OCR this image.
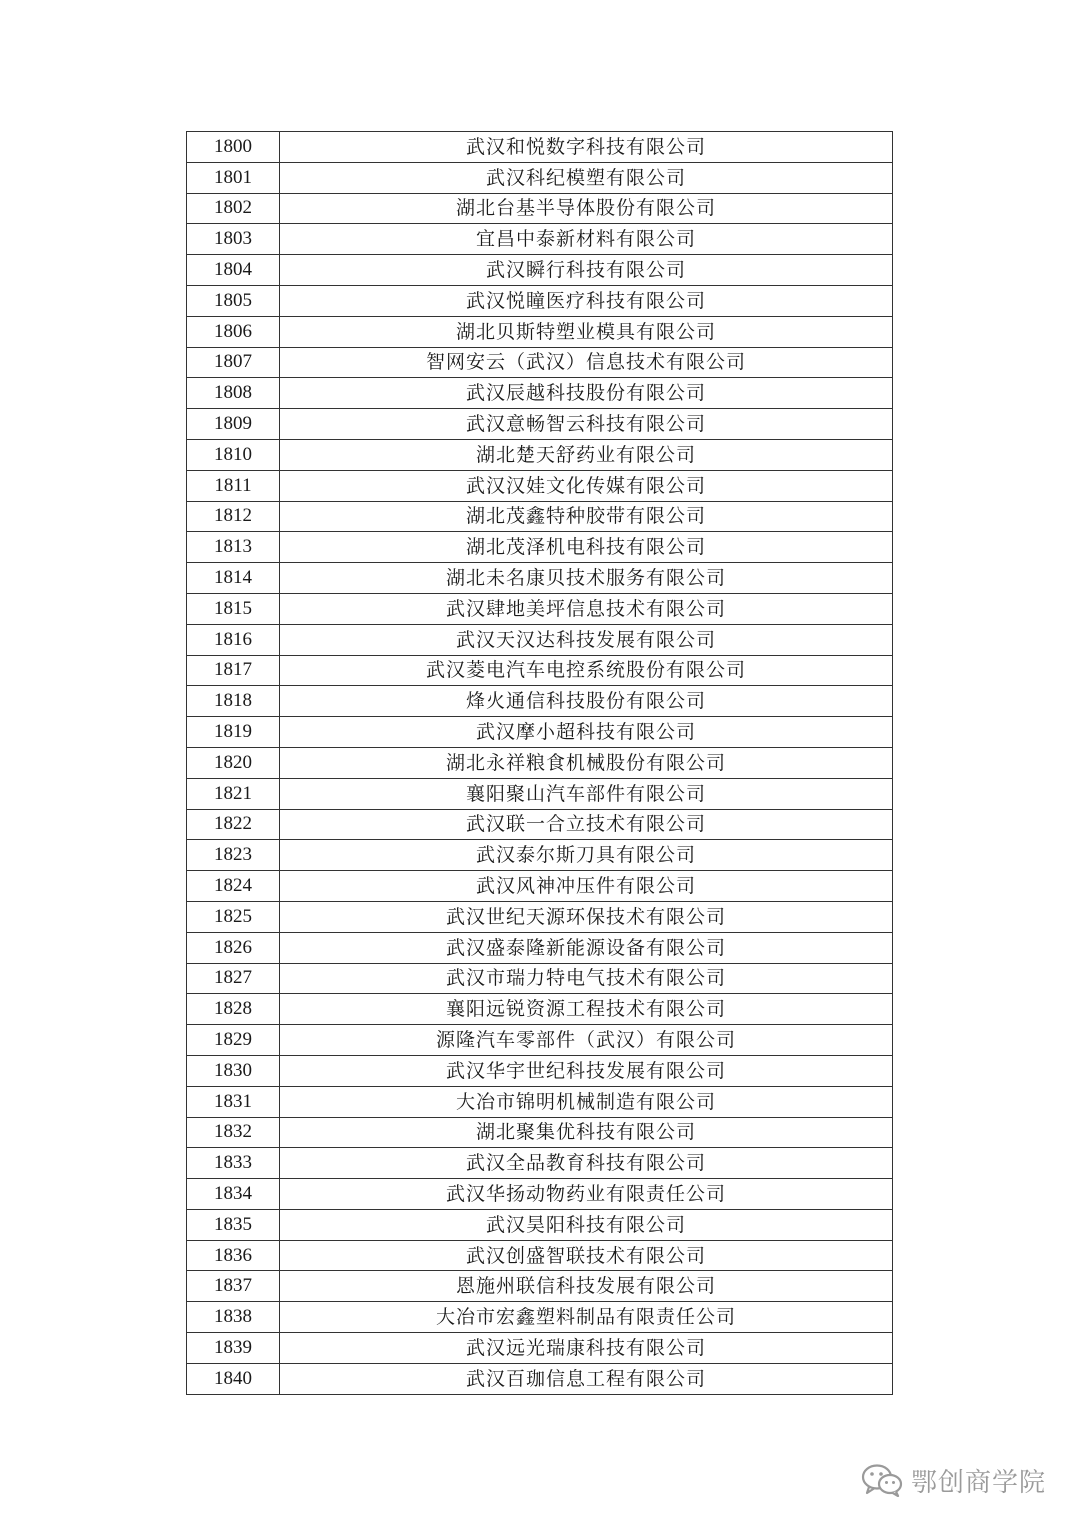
1800	武汉和悦数字科技有限公司
1801	武汉科纪模塑有限公司
1802	湖北台基半导体股份有限公司
1803	宜昌中泰新材料有限公司
1804	武汉瞬行科技有限公司
1805	武汉悦瞳医疗科技有限公司
1806	湖北贝斯特塑业模具有限公司
1807	智网安云（武汉）信息技术有限公司
1808	武汉辰越科技股份有限公司
1809	武汉意畅智云科技有限公司
1810	湖北楚天舒药业有限公司
1811	武汉汉娃文化传媒有限公司
1812	湖北茂鑫特种胶带有限公司
1813	湖北茂泽机电科技有限公司
1814	湖北未名康贝技术服务有限公司
1815	武汉肆地美坪信息技术有限公司
1816	武汉天汉达科技发展有限公司
1817	武汉菱电汽车电控系统股份有限公司
1818	烽火通信科技股份有限公司
1819	武汉摩小超科技有限公司
1820	湖北永祥粮食机械股份有限公司
1821	襄阳聚山汽车部件有限公司
1822	武汉联一合立技术有限公司
1823	武汉泰尔斯刀具有限公司
1824	武汉风神冲压件有限公司
1825	武汉世纪天源环保技术有限公司
1826	武汉盛泰隆新能源设备有限公司
1827	武汉市瑞力特电气技术有限公司
1828	襄阳远锐资源工程技术有限公司
1829	源隆汽车零部件（武汉）有限公司
1830	武汉华宇世纪科技发展有限公司
1831	大冶市锦明机械制造有限公司
1832	湖北聚集优科技有限公司
1833	武汉全品教育科技有限公司
1834	武汉华扬动物药业有限责任公司
1835	武汉昊阳科技有限公司
1836	武汉创盛智联技术有限公司
1837	恩施州联信科技发展有限公司
1838	大冶市宏鑫塑料制品有限责任公司
1839	武汉远光瑞康科技有限公司
1840	武汉百珈信息工程有限公司
鄂创商学院
